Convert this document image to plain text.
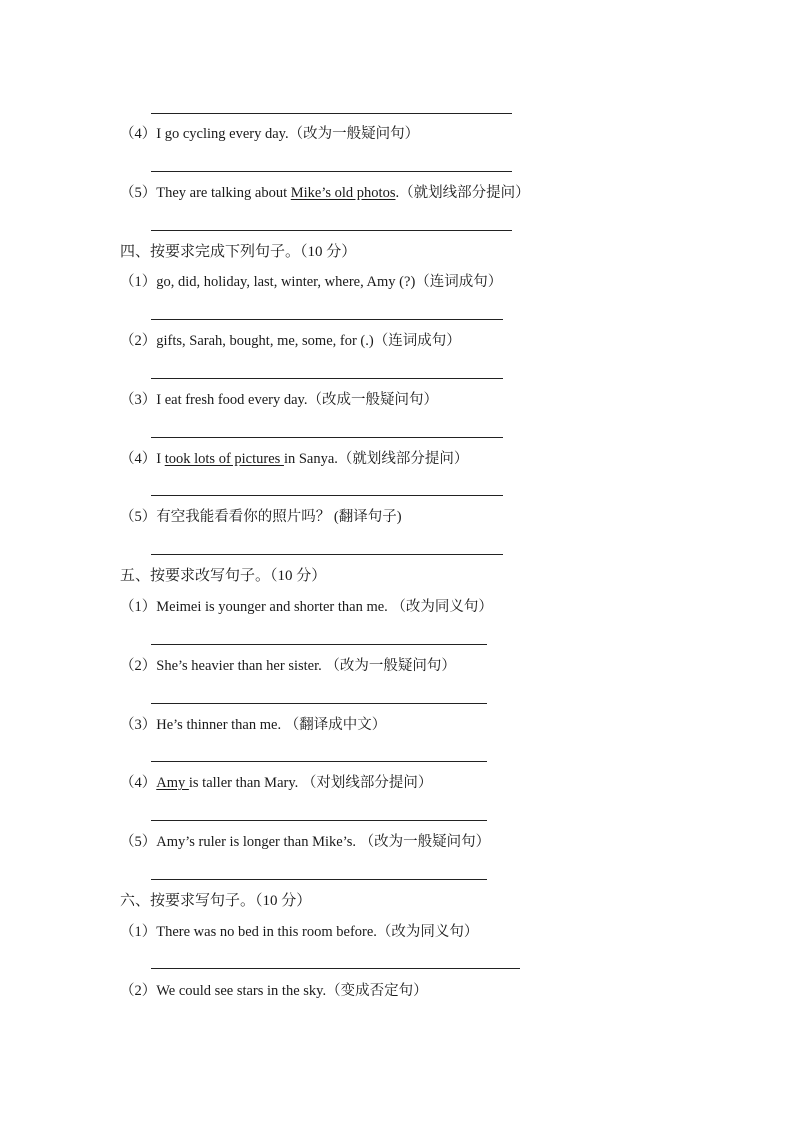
（4）I go cycling every day.（改为一般疑问句）
（5）They are talking about Mike’s old photos.（就划线部分提问）
四、按要求完成下列句子。（10 分）
（1）go, did, holiday, last, winter, where, Amy (?)（连词成句）
（2）gifts, Sarah, bought, me, some, for (.)（连词成句）
（3）I eat fresh food every day.（改成一般疑问句）
（4）I took lots of pictures in Sanya.（就划线部分提问）
（5）有空我能看看你的照片吗？ (翻译句子)
五、按要求改写句子。（10 分）
（1）Meimei is younger and shorter than me. （改为同义句）
（2）She’s heavier than her sister. （改为一般疑问句）
（3）He’s thinner than me. （翻译成中文）
（4）Amy is taller than Mary. （对划线部分提问）
（5）Amy’s ruler is longer than Mike’s. （改为一般疑问句）
六、按要求写句子。（10 分）
（1）There was no bed in this room before.（改为同义句）
（2）We could see stars in the sky.（变成否定句）
